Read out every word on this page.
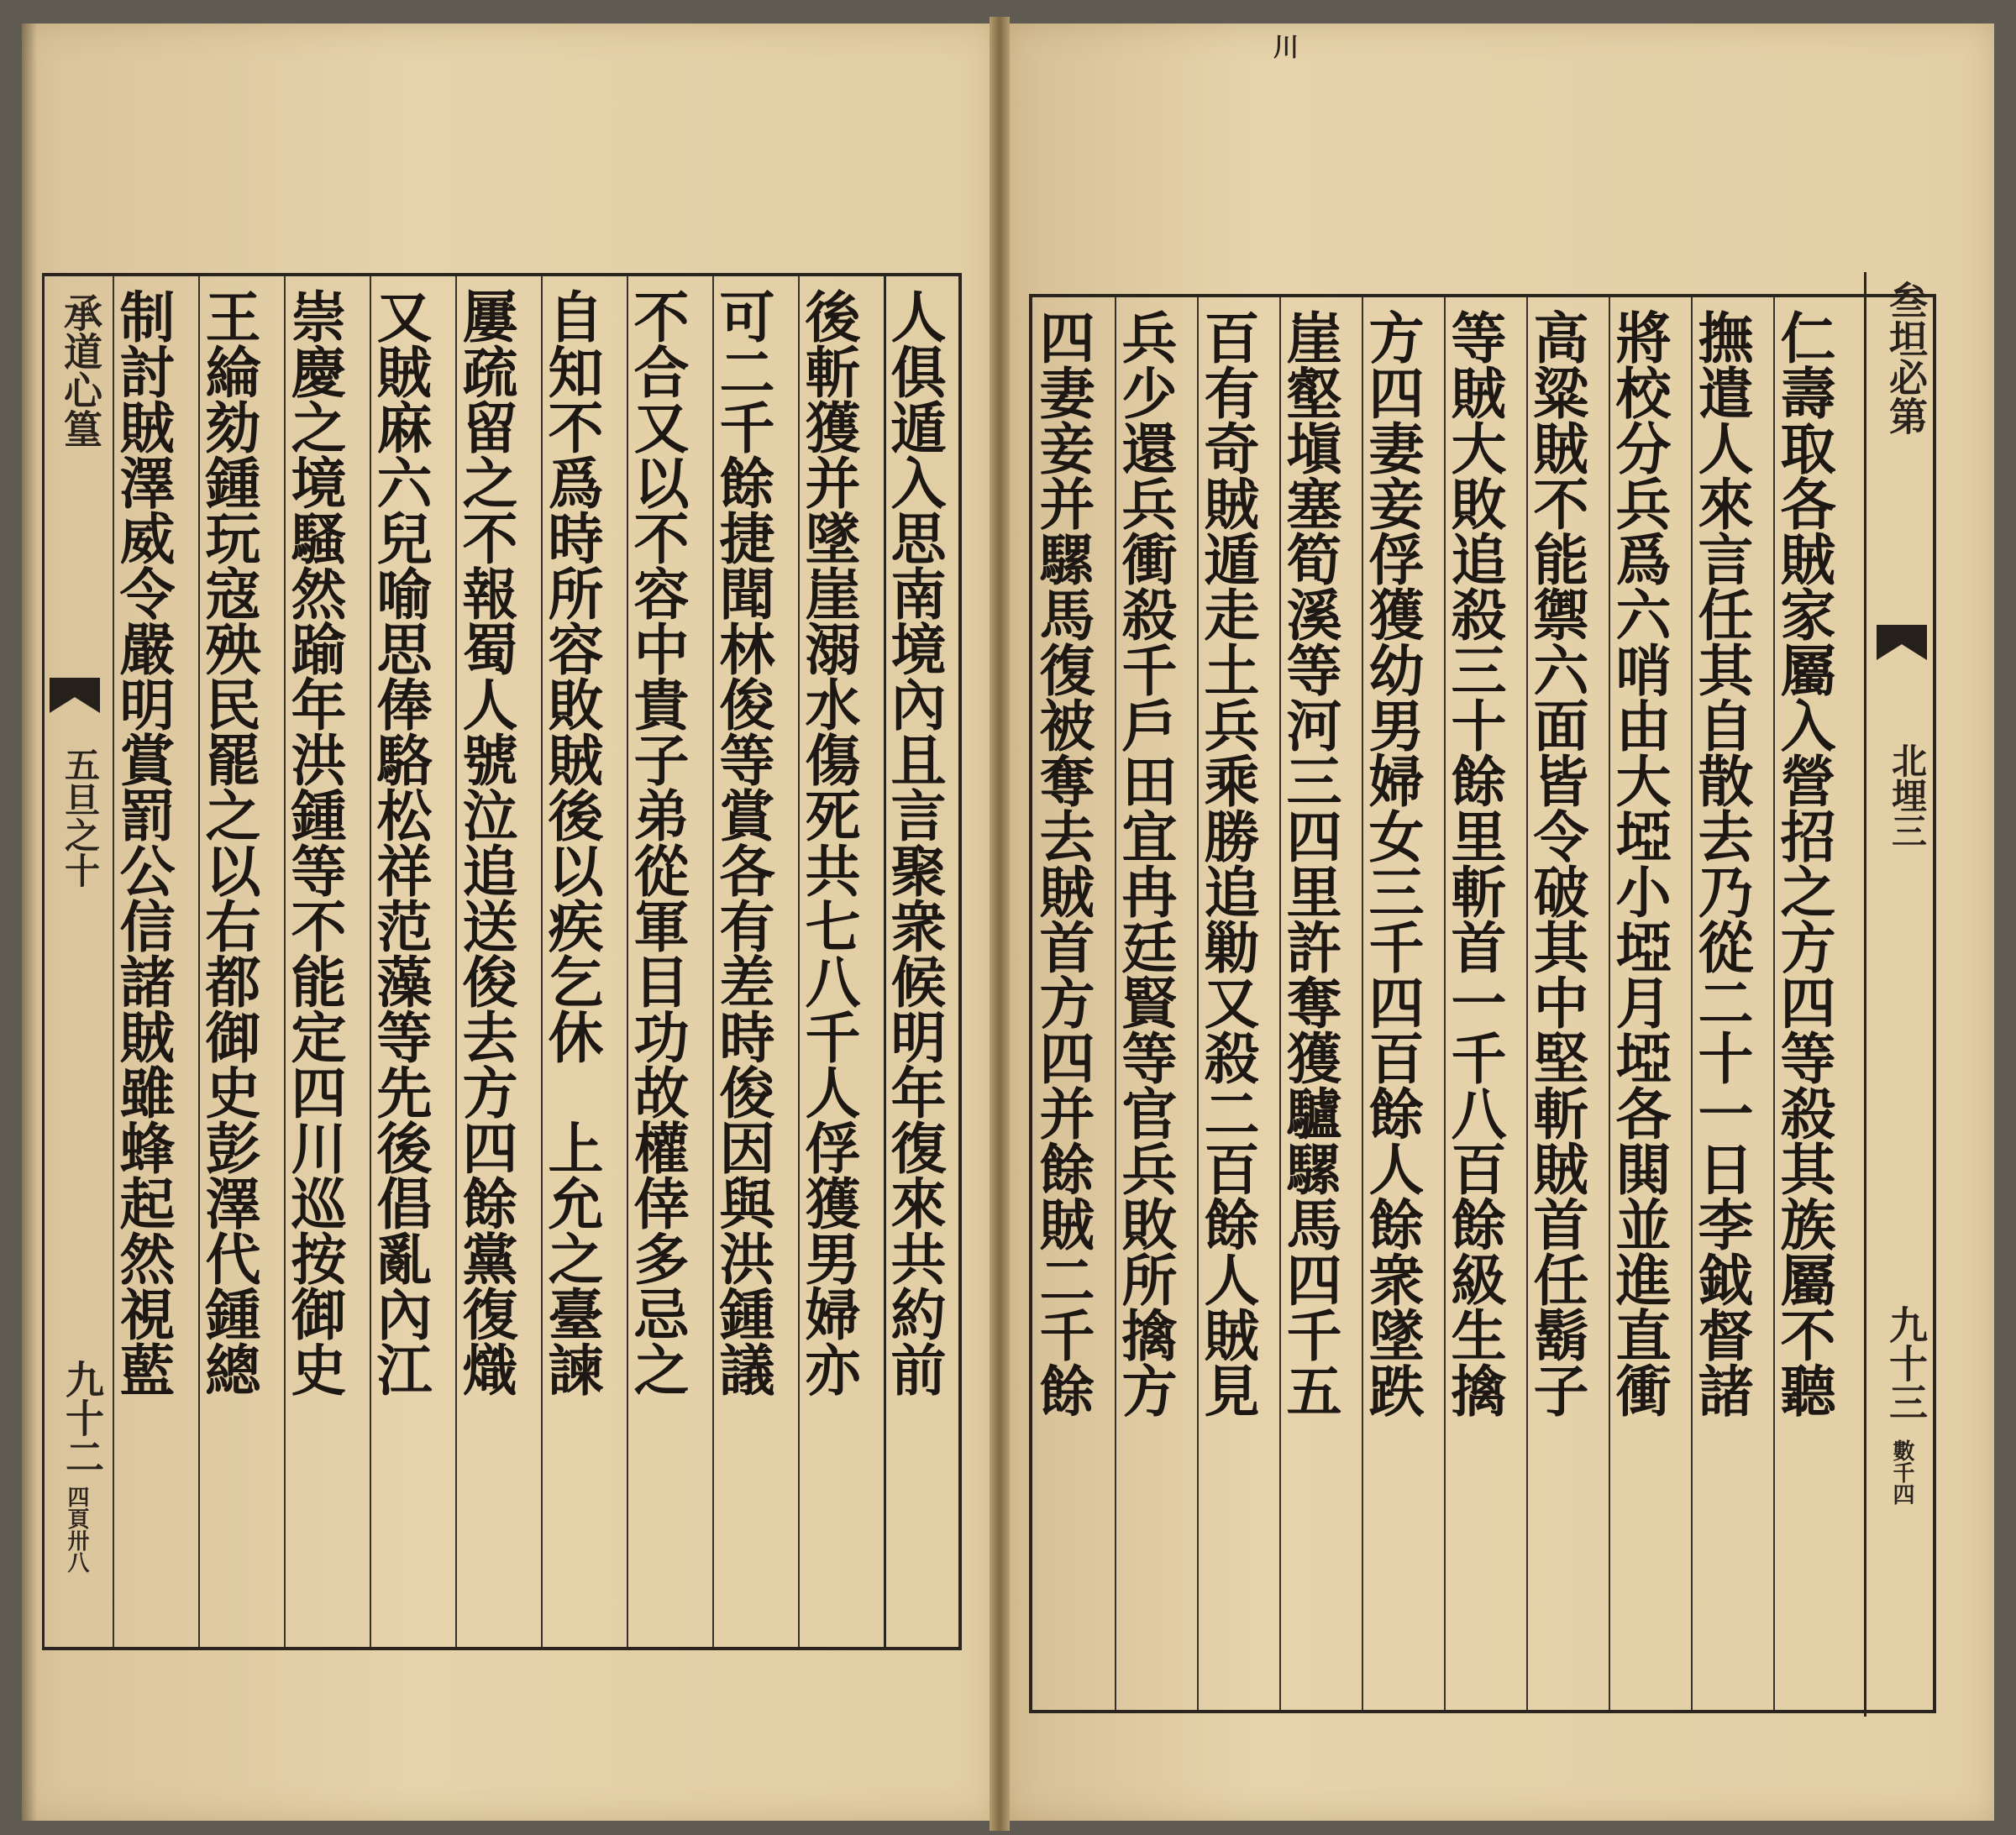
人俱遁入思南境內且言聚衆候明年復來共約前
後斬獲并墜崖溺水傷死共七八千人俘獲男婦亦
可二千餘捷聞林俊等賞各有差時俊因與洪鍾議
不合又以不容中貴子弟從軍目功故權倖多忌之
自知不爲時所容敗賊後以疾乞休　上允之臺諫
屢疏留之不報蜀人號泣追送俊去方四餘黨復熾
又賊麻六兒喻思俸駱松祥范藻等先後倡亂內江
崇慶之境騷然踰年洪鍾等不能定四川巡按御史
王綸劾鍾玩寇殃民罷之以右都御史彭澤代鍾總
制討賊澤威令嚴明賞罰公信諸賊雖蜂起然視藍
承道心篁
五旦之十
九十二
四頁卅八
四妻妾并騾馬復被奪去賊首方四并餘賊二千餘 兵少還兵衝殺千戶田宜冉廷賢等官兵敗所擒方 百有奇賊遁走土兵乘勝追勦又殺二百餘人賊見 崖壑塡塞筍溪等河三四里許奪獲驢騾馬四千五 方四妻妾俘獲幼男婦女三千四百餘人餘衆墜跌 等賊大敗追殺三十餘里斬首一千八百餘級生擒 高粱賊不能禦六面皆令破其中堅斬賊首任鬍子 將校分兵爲六哨由大埡小埡月埡各閧並進直衝 撫遣人來言任其自散去乃從二十一日李鉞督諸 仁壽取各賊家屬入營招之方四等殺其族屬不聽 叁坦必第
北埋三
九十三
數千四
川
